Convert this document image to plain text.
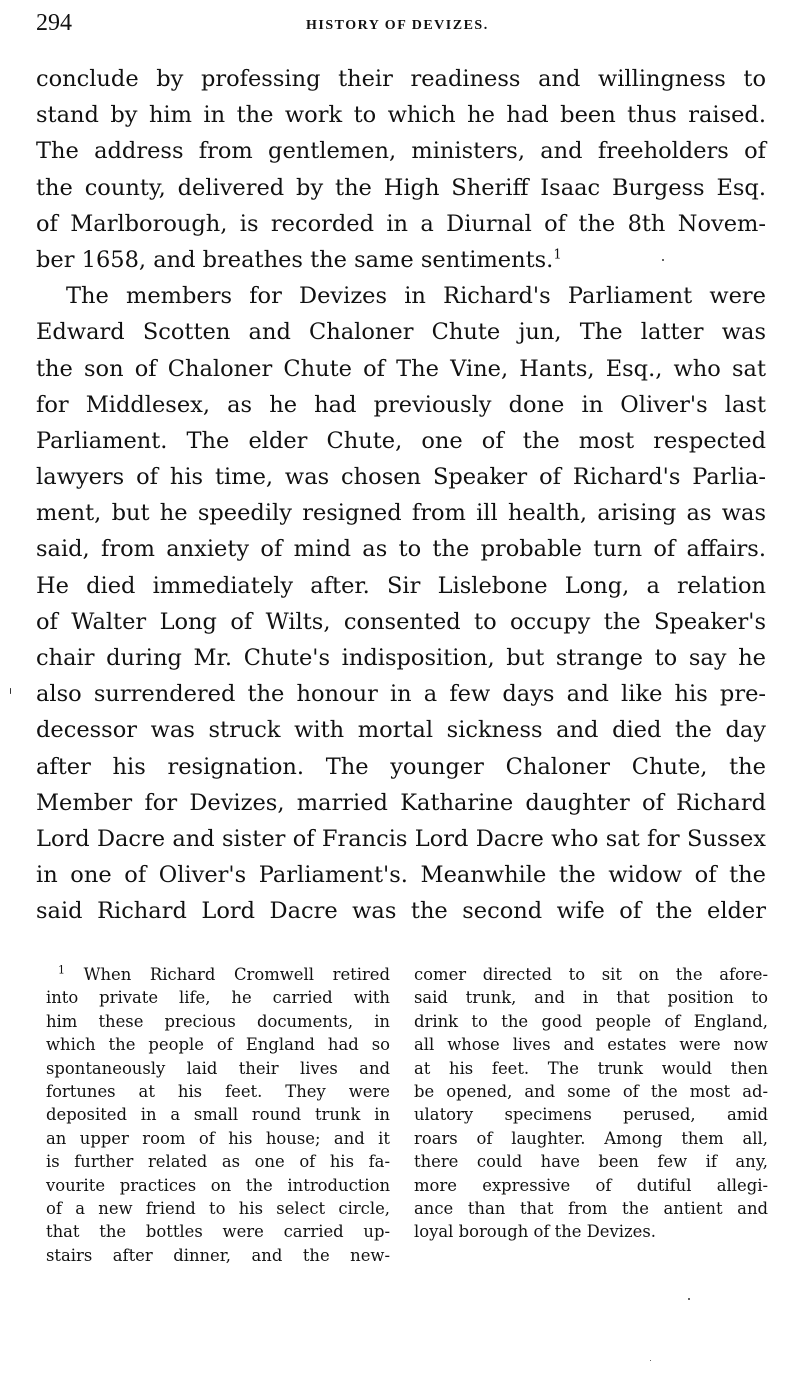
294	HISTORY OF DEVIZES.
conclude by professing their readiness and willingness to
stand by him in the work to which he had been thus raised.
The address from gentlemen, ministers, and freeholders of
the county, delivered by the High Sheriff Isaac Burgess Esq.
of Marlborough, is recorded in a Diurnal of the 8th Novem-
ber 1658, and breathes the same sentiments.$^1$
The members for Devizes in Richard's Parliament were
Edward Scotten and Chaloner Chute jun, The latter was
the son of Chaloner Chute of The Vine, Hants, Esq., who sat
for Middlesex, as he had previously done in Oliver's last
Parliament. The elder Chute, one of the most respected
lawyers of his time, was chosen Speaker of Richard's Parlia-
ment, but he speedily resigned from ill health, arising as was
said, from anxiety of mind as to the probable turn of affairs.
He died immediately after. Sir Lislebone Long, a relation
of Walter Long of Wilts, consented to occupy the Speaker's
chair during Mr. Chute's indisposition, but strange to say he
also surrendered the honour in a few days and like his pre-
decessor was struck with mortal sickness and died the day
after his resignation. The younger Chaloner Chute, the
Member for Devizes, married Katharine daughter of Richard
Lord Dacre and sister of Francis Lord Dacre who sat for Sussex
in one of Oliver's Parliament's. Meanwhile the widow of the
said Richard Lord Dacre was the second wife of the elder
$^1$ When Richard Cromwell retired
into private life, he carried with
him these precious documents, in
which the people of England had so
spontaneously laid their lives and
fortunes at his feet. They were
deposited in a small round trunk in
an upper room of his house; and it
is further related as one of his fa-
vourite practices on the introduction
of a new friend to his select circle,
that the bottles were carried up-
stairs after dinner, and the new-
comer directed to sit on the afore-
said trunk, and in that position to
drink to the good people of England,
all whose lives and estates were now
at his feet. The trunk would then
be opened, and some of the most ad-
ulatory specimens perused, amid
roars of laughter. Among them all,
there could have been few if any,
more expressive of dutiful allegi-
ance than that from the antient and
loyal borough of the Devizes.
